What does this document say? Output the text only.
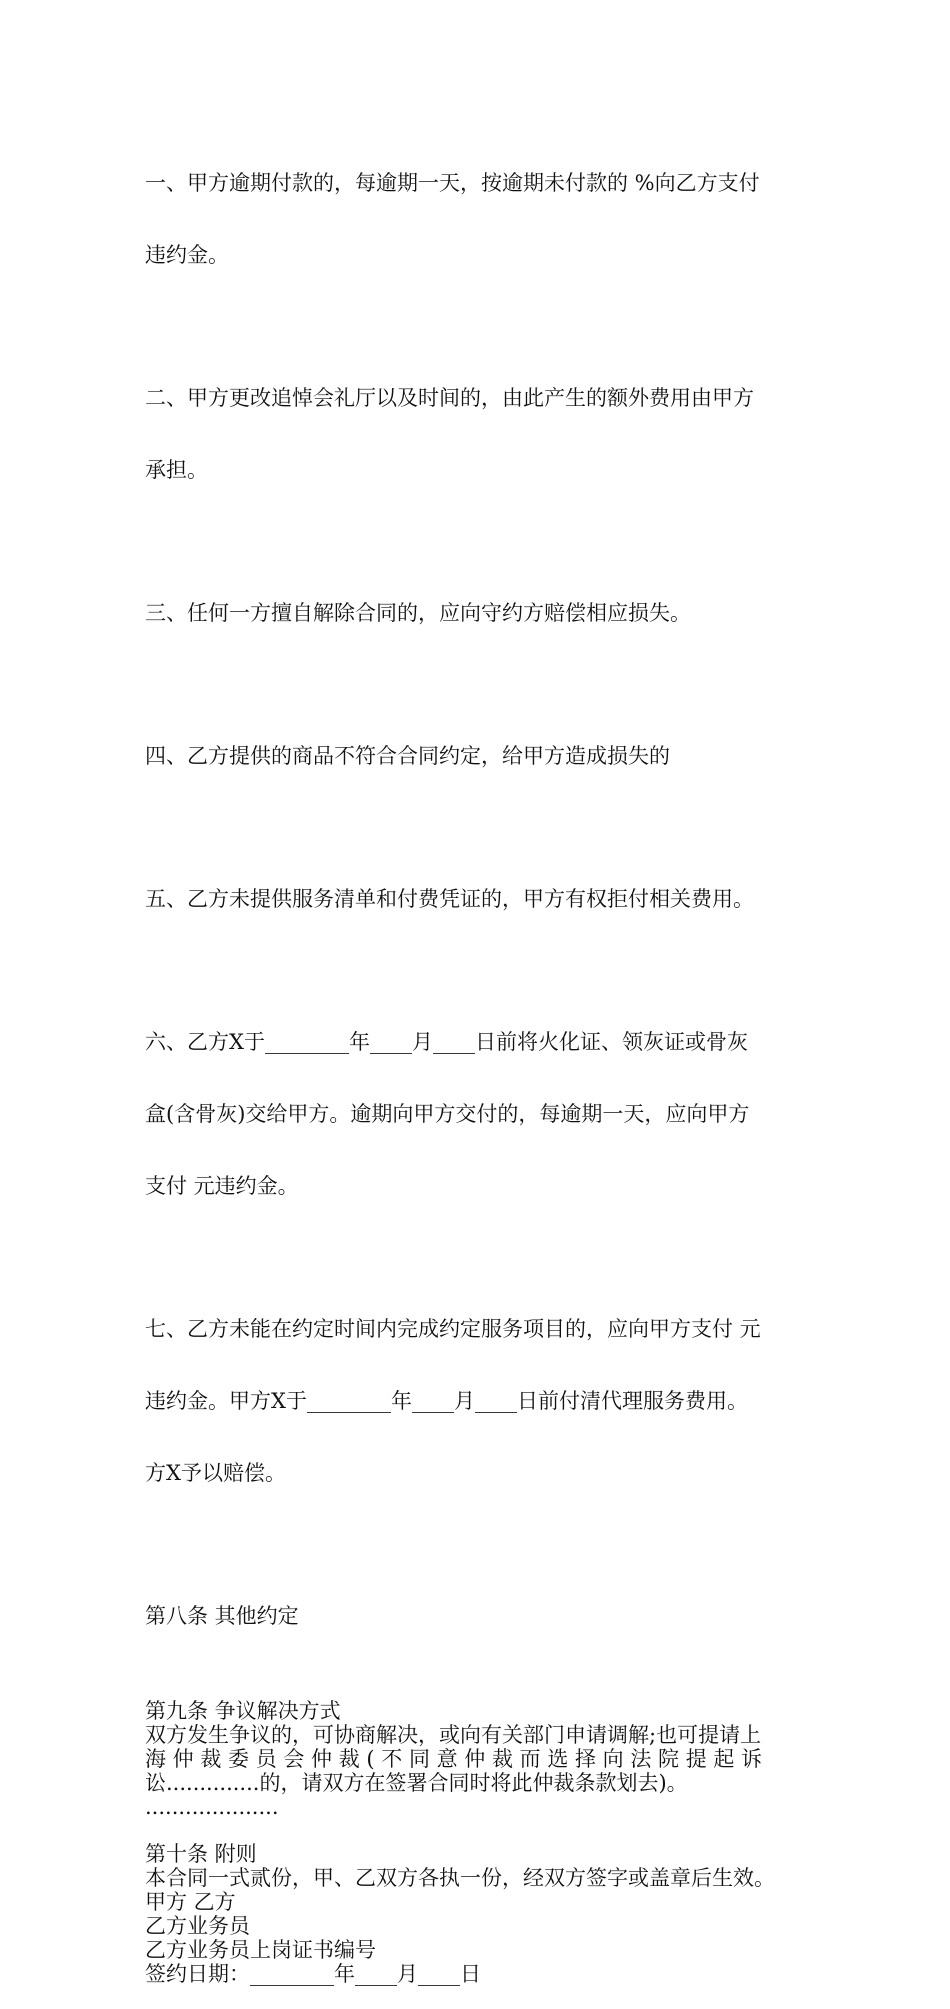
一、甲方逾期付款的，每逾期一天，按逾期未付款的 %向乙方支付

违约金。

二、甲方更改追悼会礼厅以及时间的，由此产生的额外费用由甲方

承担。

三、任何一方擅自解除合同的，应向守约方赔偿相应损失。

四、乙方提供的商品不符合合同约定，给甲方造成损失的

五、乙方未提供服务清单和付费凭证的，甲方有权拒付相关费用。

六、乙方X于________年____月____日前将火化证、领灰证或骨灰

盒(含骨灰)交给甲方。逾期向甲方交付的，每逾期一天，应向甲方

支付 元违约金。

七、乙方未能在约定时间内完成约定服务项目的，应向甲方支付 元

违约金。甲方X于________年____月____日前付清代理服务费用。

方X予以赔偿。

第八条 其他约定

第九条 争议解决方式
双方发生争议的，可协商解决，或向有关部门申请调解;也可提请上
海 仲 裁 委 员 会 仲 裁 ( 不 同 意 仲 裁 而 选 择 向 法 院 提 起 诉
讼..............的，请双方在签署合同时将此仲裁条款划去)。
....................
第十条 附则
本合同一式贰份，甲、乙双方各执一份，经双方签字或盖章后生效。
甲方 乙方
乙方业务员
乙方业务员上岗证书编号
签约日期：________年____月____日
